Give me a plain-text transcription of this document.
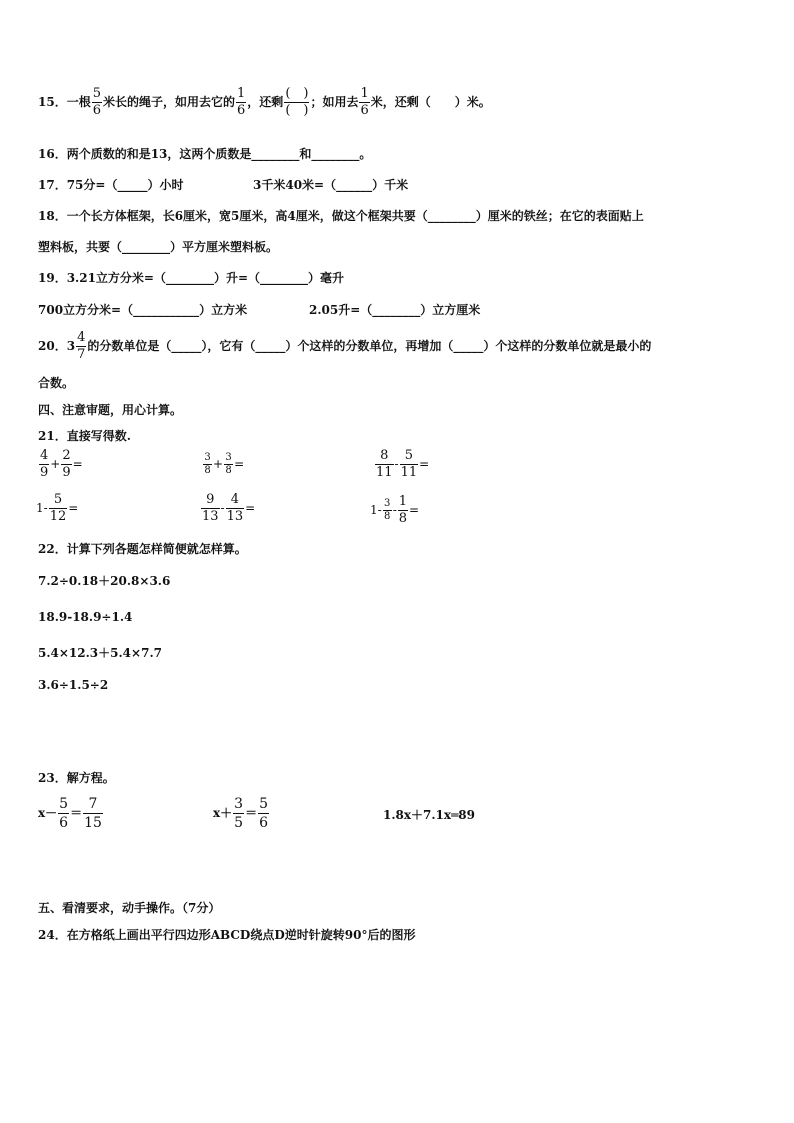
15．一根 $\frac{5}{6}$ 米长的绳子，如用去它的 $\frac{1}{6}$ ，还剩 $\frac{( )}{( )}$ ；如用去 $\frac{1}{6}$ 米，还剩（　　）米。
16．两个质数的和是13，这两个质数是________和________。
17．75分=（_____）小时	3千米40米=（______）千米
18．一个长方体框架，长6厘米，宽5厘米，高4厘米，做这个框架共要（________）厘米的铁丝；在它的表面贴上
塑料板，共要（________）平方厘米塑料板。
19．3.21立方分米=（________）升=（________）毫升
700立方分米=（___________）立方米	2.05升=（________）立方厘米
20．$3 \frac{4}{7}$ 的分数单位是（_____），它有（_____）个这样的分数单位，再增加（_____）个这样的分数单位就是最小的
合数。
四、注意审题，用心计算。
21．直接写得数.
$\frac{4}{9} + \frac{2}{9}$ =	$\frac{3}{8} + \frac{3}{8}$ =	$\frac{8}{11} - \frac{5}{11}$ =
$1- \frac{5}{12}$ =	$\frac{9}{13} - \frac{4}{13}$ =	$1- \frac{3}{8} - \frac{1}{8}$ =
22．计算下列各题怎样简便就怎样算。
7.2÷0.18＋20.8×3.6
18.9-18.9÷1.4
5.4×12.3＋5.4×7.7
3.6÷1.5÷2
23．解方程。
$x- \frac{5}{6} = \frac{7}{15}$	$x+ \frac{3}{5} = \frac{5}{6}$	1.8x＋7.1x═89
五、看清要求，动手操作。（7分）
24．在方格纸上画出平行四边形ABCD绕点D逆时针旋转90°后的图形
